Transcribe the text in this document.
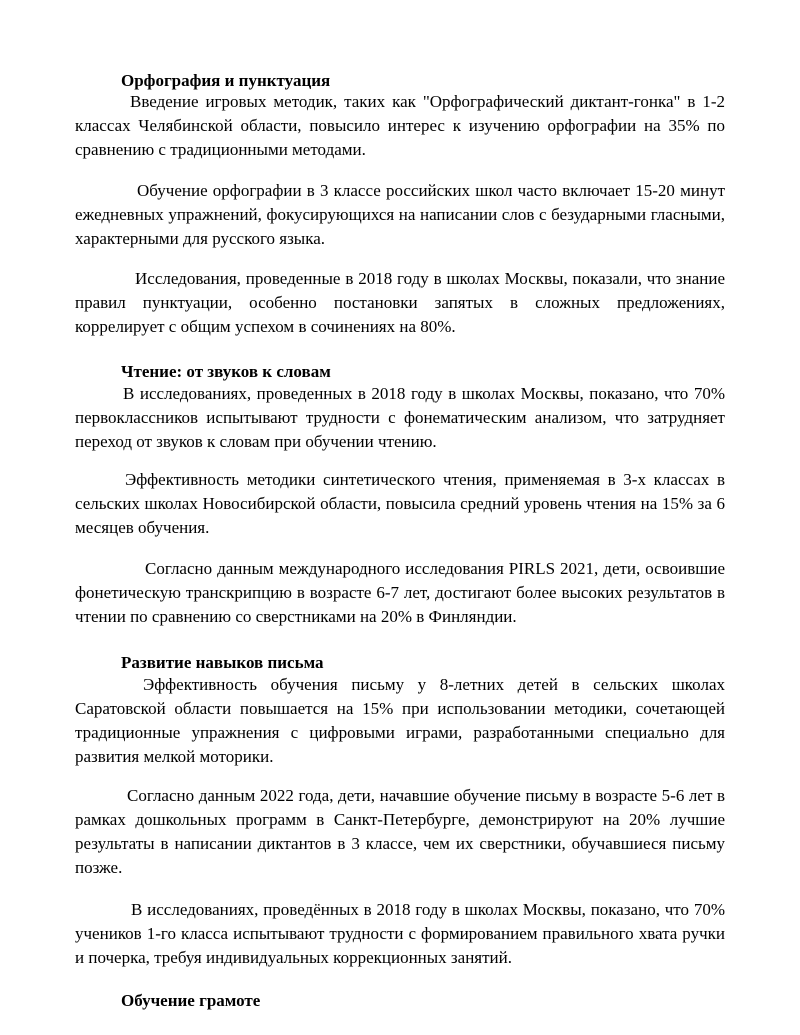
Орфография и пунктуация

Введение игровых методик, таких как "Орфографический диктант-гонка" в 1-2 классах Челябинской области, повысило интерес к изучению орфографии на 35% по сравнению с традиционными методами.

Обучение орфографии в 3 классе российских школ часто включает 15-20 минут ежедневных упражнений, фокусирующихся на написании слов с безударными гласными, характерными для русского языка.

Исследования, проведенные в 2018 году в школах Москвы, показали, что знание правил пунктуации, особенно постановки запятых в сложных предложениях, коррелирует с общим успехом в сочинениях на 80%.

Чтение: от звуков к словам

В исследованиях, проведенных в 2018 году в школах Москвы, показано, что 70% первоклассников испытывают трудности с фонематическим анализом, что затрудняет переход от звуков к словам при обучении чтению.

Эффективность методики синтетического чтения, применяемая в 3-х классах в сельских школах Новосибирской области, повысила средний уровень чтения на 15% за 6 месяцев обучения.

Согласно данным международного исследования PIRLS 2021, дети, освоившие фонетическую транскрипцию в возрасте 6-7 лет, достигают более высоких результатов в чтении по сравнению со сверстниками на 20% в Финляндии.

Развитие навыков письма

Эффективность обучения письму у 8-летних детей в сельских школах Саратовской области повышается на 15% при использовании методики, сочетающей традиционные упражнения с цифровыми играми, разработанными специально для развития мелкой моторики.

Согласно данным 2022 года, дети, начавшие обучение письму в возрасте 5-6 лет в рамках дошкольных программ в Санкт-Петербурге, демонстрируют на 20% лучшие результаты в написании диктантов в 3 классе, чем их сверстники, обучавшиеся письму позже.

В исследованиях, проведённых в 2018 году в школах Москвы, показано, что 70% учеников 1-го класса испытывают трудности с формированием правильного хвата ручки и почерка, требуя индивидуальных коррекционных занятий.

Обучение грамоте
